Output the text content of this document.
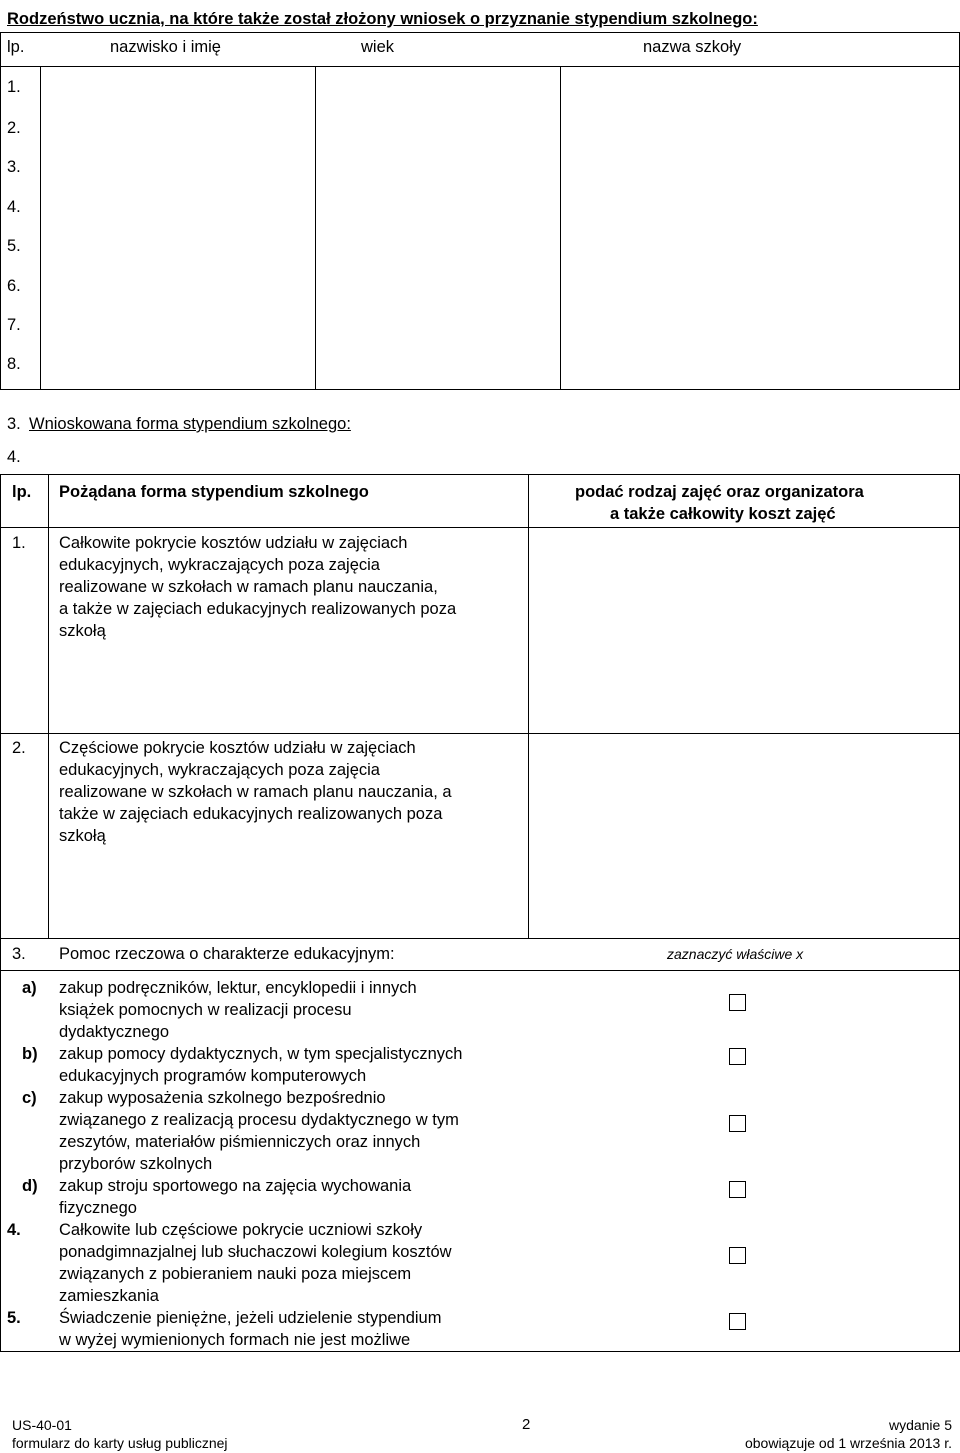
Rodzeństwo ucznia, na które także został złożony wniosek o przyznanie stypendium szkolnego:
lp.	nazwisko i imię	wiek	nazwa szkoły
1.
2.
3.
4.
5.
6.
7.
8.
3. Wnioskowana forma stypendium szkolnego:
4.
lp. Pożądana forma stypendium szkolnego	podać rodzaj zajęć oraz organizatora
a także całkowity koszt zajęć
1. Całkowite pokrycie kosztów udziału w zajęciach
edukacyjnych, wykraczających poza zajęcia
realizowane w szkołach w ramach planu nauczania,
a także w zajęciach edukacyjnych realizowanych poza
szkołą
2. Częściowe pokrycie kosztów udziału w zajęciach
edukacyjnych, wykraczających poza zajęcia
realizowane w szkołach w ramach planu nauczania, a
także w zajęciach edukacyjnych realizowanych poza
szkołą
3. Pomoc rzeczowa o charakterze edukacyjnym:	zaznaczyć właściwe x
a) zakup podręczników, lektur, encyklopedii i innych
książek pomocnych w realizacji procesu
dydaktycznego
b) zakup pomocy dydaktycznych, w tym specjalistycznych
edukacyjnych programów komputerowych
c) zakup wyposażenia szkolnego bezpośrednio
związanego z realizacją procesu dydaktycznego w tym
zeszytów, materiałów piśmienniczych oraz innych
przyborów szkolnych
d) zakup stroju sportowego na zajęcia wychowania
fizycznego
4. Całkowite lub częściowe pokrycie uczniowi szkoły
ponadgimnazjalnej lub słuchaczowi kolegium kosztów
związanych z pobieraniem nauki poza miejscem
zamieszkania
5. Świadczenie pieniężne, jeżeli udzielenie stypendium
w wyżej wymienionych formach nie jest możliwe
US-40-01
formularz do karty usług publicznej
2	wydanie 5
obowiązuje od 1 września 2013 r.
